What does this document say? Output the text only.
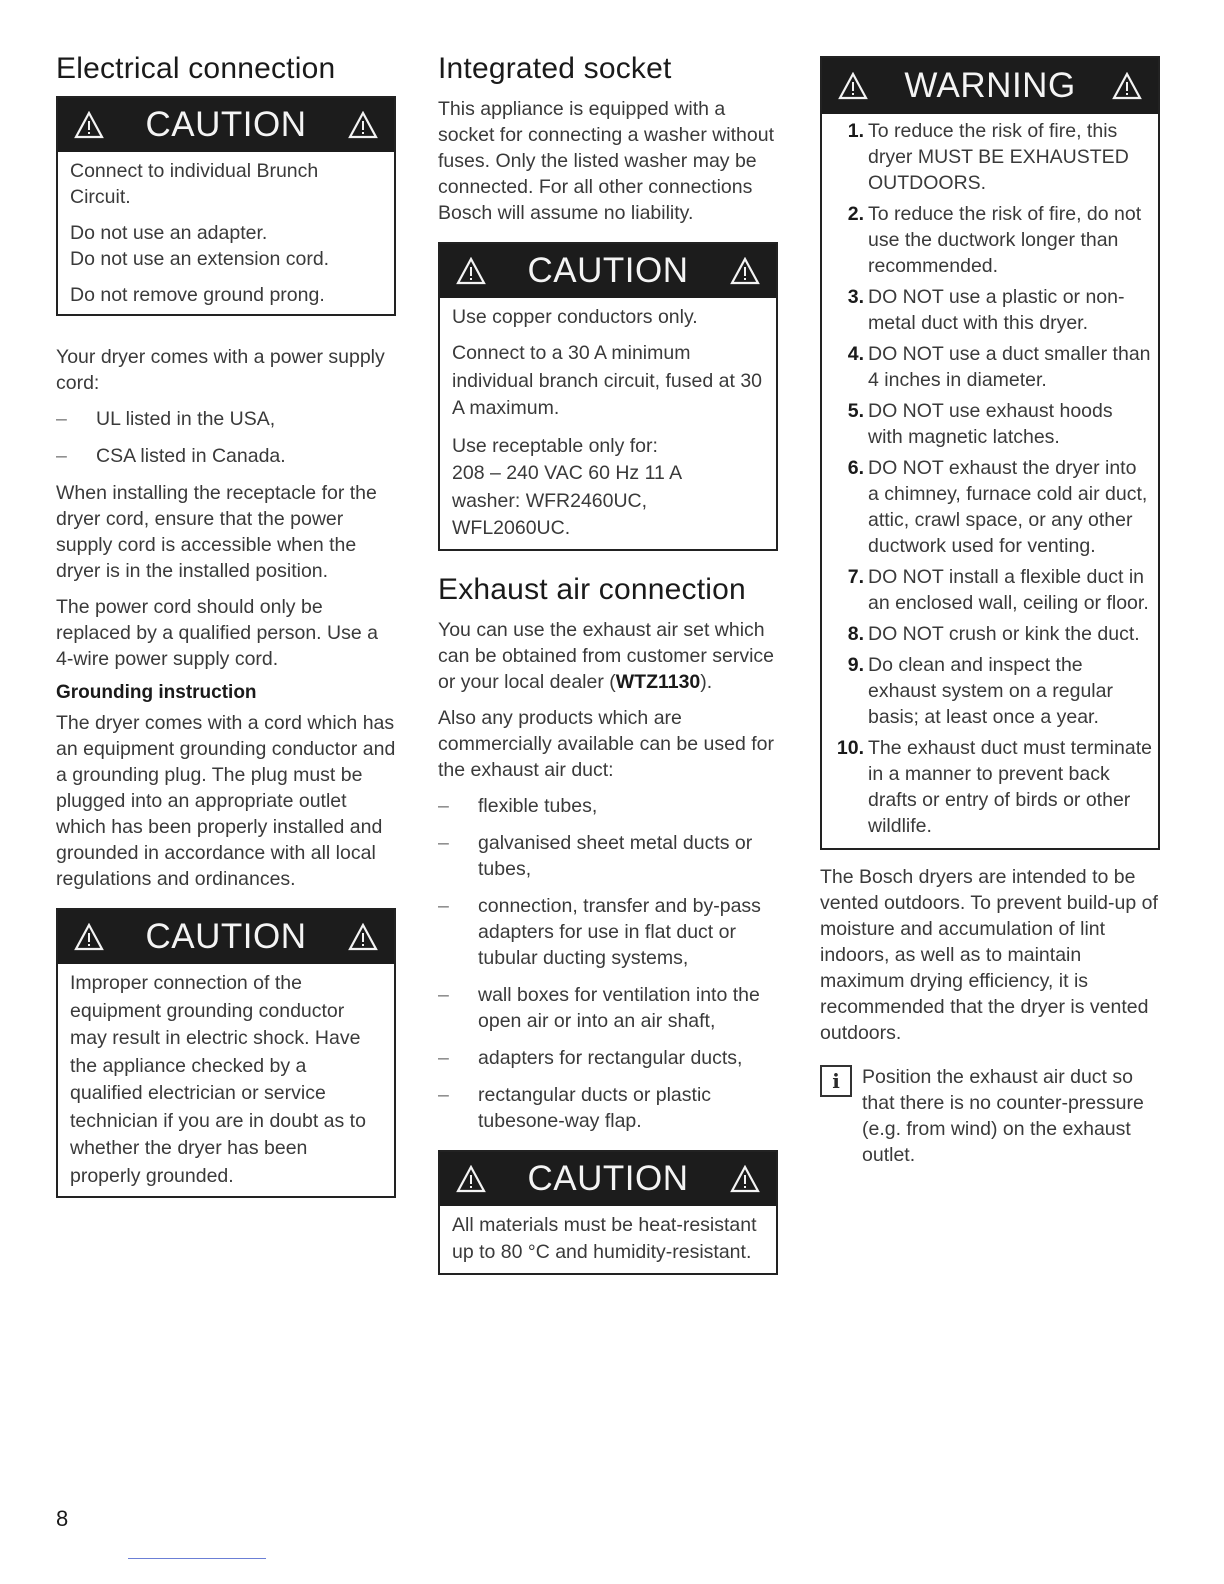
Electrical connection
CAUTION

Connect to individual Brunch Circuit.

Do not use an adapter.

Do not use an extension cord.

Do not remove ground prong.

Your dryer comes with a power supply cord:

–	UL listed in the USA,
–	CSA listed in Canada.

When installing the receptacle for the dryer cord, ensure that the power supply cord is accessible when the dryer is in the installed position.

The power cord should only be replaced by a qualified person. Use a 4-wire power supply cord.

Grounding instruction

The dryer comes with a cord which has an equipment grounding conductor and a grounding plug. The plug must be plugged into an appropriate outlet which has been properly installed and grounded in accordance with all local regulations and ordinances.

CAUTION

Improper connection of the equipment grounding conductor may result in electric shock. Have the appliance checked by a qualified electrician or service technician if you are in doubt as to whether the dryer has been properly grounded.

Integrated socket

This appliance is equipped with a socket for connecting a washer without fuses. Only the listed washer may be connected. For all other connections Bosch will assume no liability.

CAUTION

Use copper conductors only.

Connect to a 30 A minimum individual branch circuit, fused at 30 A maximum.

Use receptable only for:
208 – 240 VAC 60 Hz 11 A
washer: WFR2460UC,
WFL2060UC.

Exhaust air connection

You can use the exhaust air set which can be obtained from customer service or your local dealer (WTZ1130).

Also any products which are commercially available can be used for the exhaust air duct:

–	flexible tubes,
–	galvanised sheet metal ducts or tubes,
–	connection, transfer and by-pass adapters for use in flat duct or tubular ducting systems,
–	wall boxes for ventilation into the open air or into an air shaft,
–	adapters for rectangular ducts,
–	rectangular ducts or plastic tubesone-way flap.
CAUTION

All materials must be heat-resistant up to 80 °C and humidity-resistant.

WARNING
1 . To reduce the risk of fire, this dryer MUST BE EXHAUSTED OUTDOORS.
2 . To reduce the risk of fire, do not use the ductwork longer than recommended.
3 . DO NOT use a plastic or non-metal duct with this dryer.
4 . DO NOT use a duct smaller than 4 inches in diameter.
5 . DO NOT use exhaust hoods with magnetic latches.
6 . DO NOT exhaust the dryer into a chimney, furnace cold air duct, attic, crawl space, or any other ductwork used for venting.
7 . DO NOT install a flexible duct in an enclosed wall, ceiling or floor.
8 . DO NOT crush or kink the duct.
9 . Do clean and inspect the exhaust system on a regular basis; at least once a year.
10 . The exhaust duct must terminate in a manner to prevent back drafts or entry of birds or other wildlife.

The Bosch dryers are intended to be vented outdoors. To prevent build-up of moisture and accumulation of lint indoors, as well as to maintain maximum drying efficiency, it is recommended that the dryer is vented outdoors.

i	Position the exhaust air duct so that there is no counter-pressure (e.g. from wind) on the exhaust outlet.

8
